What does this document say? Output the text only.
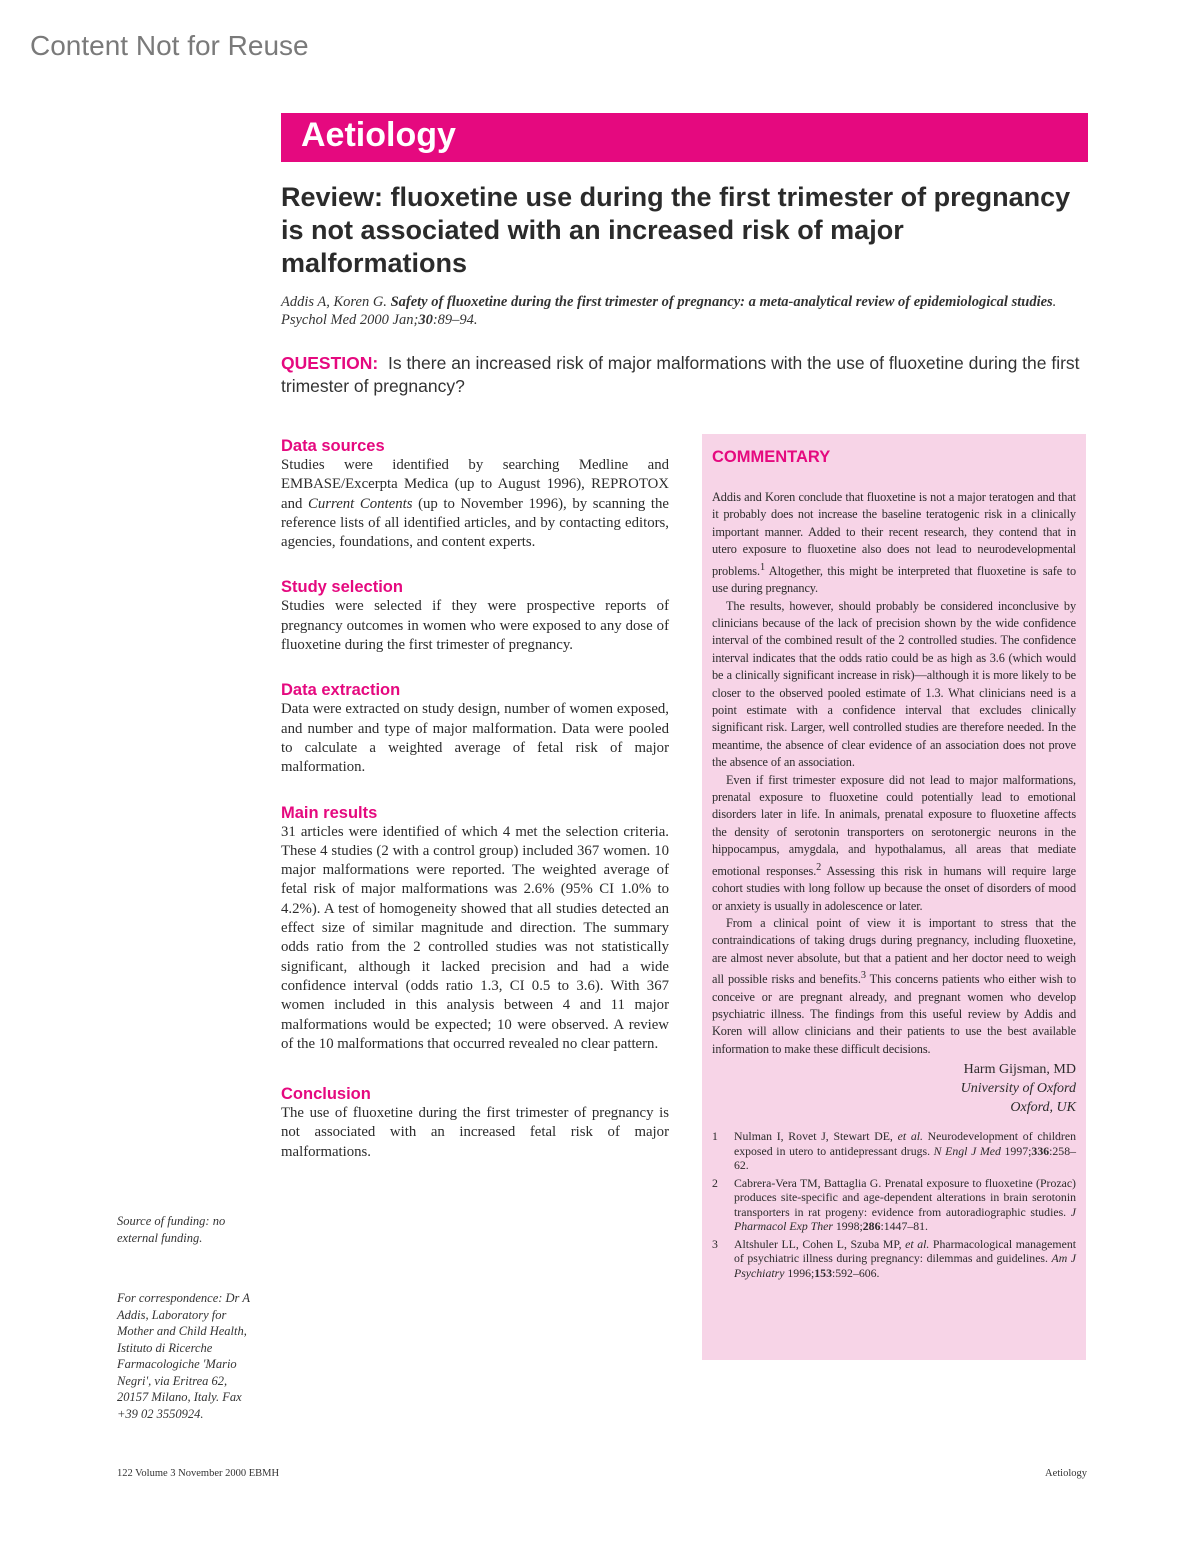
Content Not for Reuse
Aetiology
Review: fluoxetine use during the first trimester of pregnancy is not associated with an increased risk of major malformations
Addis A, Koren G. Safety of fluoxetine during the first trimester of pregnancy: a meta-analytical review of epidemiological studies. Psychol Med 2000 Jan;30:89–94.
QUESTION: Is there an increased risk of major malformations with the use of fluoxetine during the first trimester of pregnancy?
Data sources

Studies were identified by searching Medline and EMBASE/Excerpta Medica (up to August 1996), REPROTOX and Current Contents (up to November 1996), by scanning the reference lists of all identified articles, and by contacting editors, agencies, foundations, and content experts.

Study selection

Studies were selected if they were prospective reports of pregnancy outcomes in women who were exposed to any dose of fluoxetine during the first trimester of pregnancy.

Data extraction

Data were extracted on study design, number of women exposed, and number and type of major malformation. Data were pooled to calculate a weighted average of fetal risk of major malformation.

Main results

31 articles were identified of which 4 met the selection criteria. These 4 studies (2 with a control group) included 367 women. 10 major malformations were reported. The weighted average of fetal risk of major malformations was 2.6% (95% CI 1.0% to 4.2%). A test of homogeneity showed that all studies detected an effect size of similar magnitude and direction. The summary odds ratio from the 2 controlled studies was not statistically significant, although it lacked precision and had a wide confidence interval (odds ratio 1.3, CI 0.5 to 3.6). With 367 women included in this analysis between 4 and 11 major malformations would be expected; 10 were observed. A review of the 10 malformations that occurred revealed no clear pattern.

Conclusion

The use of fluoxetine during the first trimester of pregnancy is not associated with an increased fetal risk of major malformations.

COMMENTARY

Addis and Koren conclude that fluoxetine is not a major teratogen and that it probably does not increase the baseline teratogenic risk in a clinically important manner. Added to their recent research, they contend that in utero exposure to fluoxetine also does not lead to neurodevelopmental problems.$^1$ Altogether, this might be interpreted that fluoxetine is safe to use during pregnancy.

The results, however, should probably be considered inconclusive by clinicians because of the lack of precision shown by the wide confidence interval of the combined result of the 2 controlled studies. The confidence interval indicates that the odds ratio could be as high as 3.6 (which would be a clinically significant increase in risk)—although it is more likely to be closer to the observed pooled estimate of 1.3. What clinicians need is a point estimate with a confidence interval that excludes clinically significant risk. Larger, well controlled studies are therefore needed. In the meantime, the absence of clear evidence of an association does not prove the absence of an association.

Even if first trimester exposure did not lead to major malformations, prenatal exposure to fluoxetine could potentially lead to emotional disorders later in life. In animals, prenatal exposure to fluoxetine affects the density of serotonin transporters on serotonergic neurons in the hippocampus, amygdala, and hypothalamus, all areas that mediate emotional responses.$^2$ Assessing this risk in humans will require large cohort studies with long follow up because the onset of disorders of mood or anxiety is usually in adolescence or later.

From a clinical point of view it is important to stress that the contraindications of taking drugs during pregnancy, including fluoxetine, are almost never absolute, but that a patient and her doctor need to weigh all possible risks and benefits.$^3$ This concerns patients who either wish to conceive or are pregnant already, and pregnant women who develop psychiatric illness. The findings from this useful review by Addis and Koren will allow clinicians and their patients to use the best available information to make these difficult decisions.

Harm Gijsman, MD
University of Oxford
Oxford, UK
1	Nulman I, Rovet J, Stewart DE, et al. Neurodevelopment of children exposed in utero to antidepressant drugs. N Engl J Med 1997;336:258–62.
2	Cabrera-Vera TM, Battaglia G. Prenatal exposure to fluoxetine (Prozac) produces site-specific and age-dependent alterations in brain serotonin transporters in rat progeny: evidence from autoradiographic studies. J Pharmacol Exp Ther 1998;286:1447–81.
3	Altshuler LL, Cohen L, Szuba MP, et al. Pharmacological management of psychiatric illness during pregnancy: dilemmas and guidelines. Am J Psychiatry 1996;153:592–606.
Source of funding: no external funding.
For correspondence: Dr A Addis, Laboratory for Mother and Child Health, Istituto di Ricerche Farmacologiche 'Mario Negri', via Eritrea 62, 20157 Milano, Italy. Fax +39 02 3550924.
122 Volume 3 November 2000 EBMH	Aetiology
